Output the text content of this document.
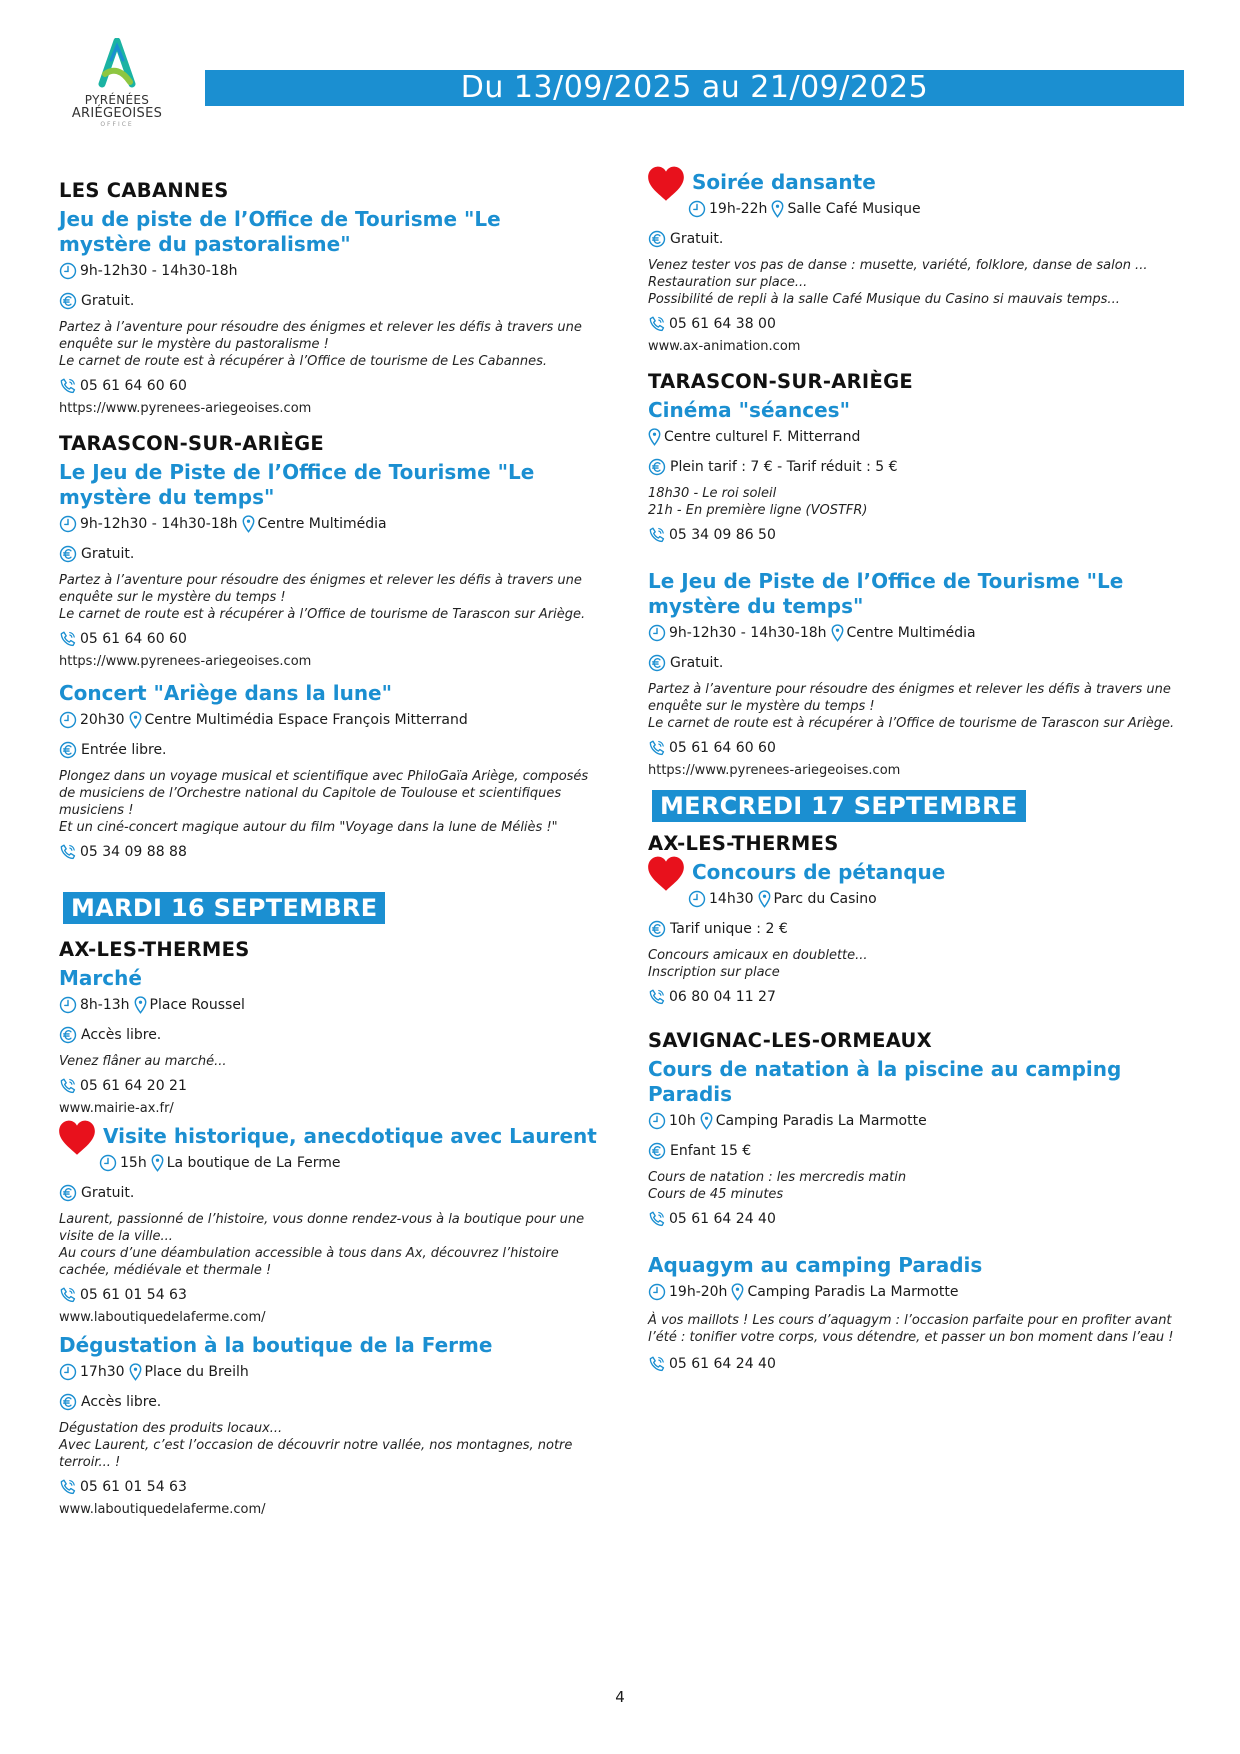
PYRÉNÉES
ARIÉGEOISES
OFFICE
Du 13/09/2025 au 21/09/2025
LES CABANNES
Jeu de piste de l’Office de Tourisme "Le mystère du pastoralisme"
9h-12h30 - 14h30-18h
Gratuit.
Partez à l’aventure pour résoudre des énigmes et relever les défis à travers une enquête sur le mystère du pastoralisme !
Le carnet de route est à récupérer à l’Office de tourisme de Les Cabannes.
05 61 64 60 60
https://www.pyrenees-ariegeoises.com
TARASCON-SUR-ARIÈGE
Le Jeu de Piste de l’Office de Tourisme "Le mystère du temps"
9h-12h30 - 14h30-18h Centre Multimédia
Gratuit.
Partez à l’aventure pour résoudre des énigmes et relever les défis à travers une enquête sur le mystère du temps !
Le carnet de route est à récupérer à l’Office de tourisme de Tarascon sur Ariège.
05 61 64 60 60
https://www.pyrenees-ariegeoises.com
Concert "Ariège dans la lune"
20h30 Centre Multimédia Espace François Mitterrand
Entrée libre.
Plongez dans un voyage musical et scientifique avec PhiloGaïa Ariège, composés de musiciens de l’Orchestre national du Capitole de Toulouse et scientifiques musiciens !
Et un ciné-concert magique autour du film "Voyage dans la lune de Méliès !"
05 34 09 88 88
MARDI 16 SEPTEMBRE
AX-LES-THERMES
Marché
8h-13h Place Roussel
Accès libre.
Venez flâner au marché...
05 61 64 20 21
www.mairie-ax.fr/
Visite historique, anecdotique avec Laurent
15h La boutique de La Ferme
Gratuit.
Laurent, passionné de l’histoire, vous donne rendez-vous à la boutique pour une visite de la ville...
Au cours d’une déambulation accessible à tous dans Ax, découvrez l’histoire cachée, médiévale et thermale !
05 61 01 54 63
www.laboutiquedelaferme.com/
Dégustation à la boutique de la Ferme
17h30 Place du Breilh
Accès libre.
Dégustation des produits locaux...
Avec Laurent, c’est l’occasion de découvrir notre vallée, nos montagnes, notre terroir... !
05 61 01 54 63
www.laboutiquedelaferme.com/
Soirée dansante
19h-22h Salle Café Musique
Gratuit.
Venez tester vos pas de danse : musette, variété, folklore, danse de salon ...
Restauration sur place...
Possibilité de repli à la salle Café Musique du Casino si mauvais temps...
05 61 64 38 00
www.ax-animation.com
TARASCON-SUR-ARIÈGE
Cinéma "séances"
Centre culturel F. Mitterrand
Plein tarif : 7 € - Tarif réduit : 5 €
18h30 - Le roi soleil
21h - En première ligne (VOSTFR)
05 34 09 86 50
Le Jeu de Piste de l’Office de Tourisme "Le mystère du temps"
9h-12h30 - 14h30-18h Centre Multimédia
Gratuit.
Partez à l’aventure pour résoudre des énigmes et relever les défis à travers une enquête sur le mystère du temps !
Le carnet de route est à récupérer à l’Office de tourisme de Tarascon sur Ariège.
05 61 64 60 60
https://www.pyrenees-ariegeoises.com
MERCREDI 17 SEPTEMBRE
AX-LES-THERMES
Concours de pétanque
14h30 Parc du Casino
Tarif unique : 2 €
Concours amicaux en doublette...
Inscription sur place
06 80 04 11 27
SAVIGNAC-LES-ORMEAUX
Cours de natation à la piscine au camping Paradis
10h Camping Paradis La Marmotte
Enfant 15 €
Cours de natation : les mercredis matin
Cours de 45 minutes
05 61 64 24 40
Aquagym au camping Paradis
19h-20h Camping Paradis La Marmotte
À vos maillots ! Les cours d’aquagym : l’occasion parfaite pour en profiter avant l’été : tonifier votre corps, vous détendre, et passer un bon moment dans l’eau !
05 61 64 24 40
4
